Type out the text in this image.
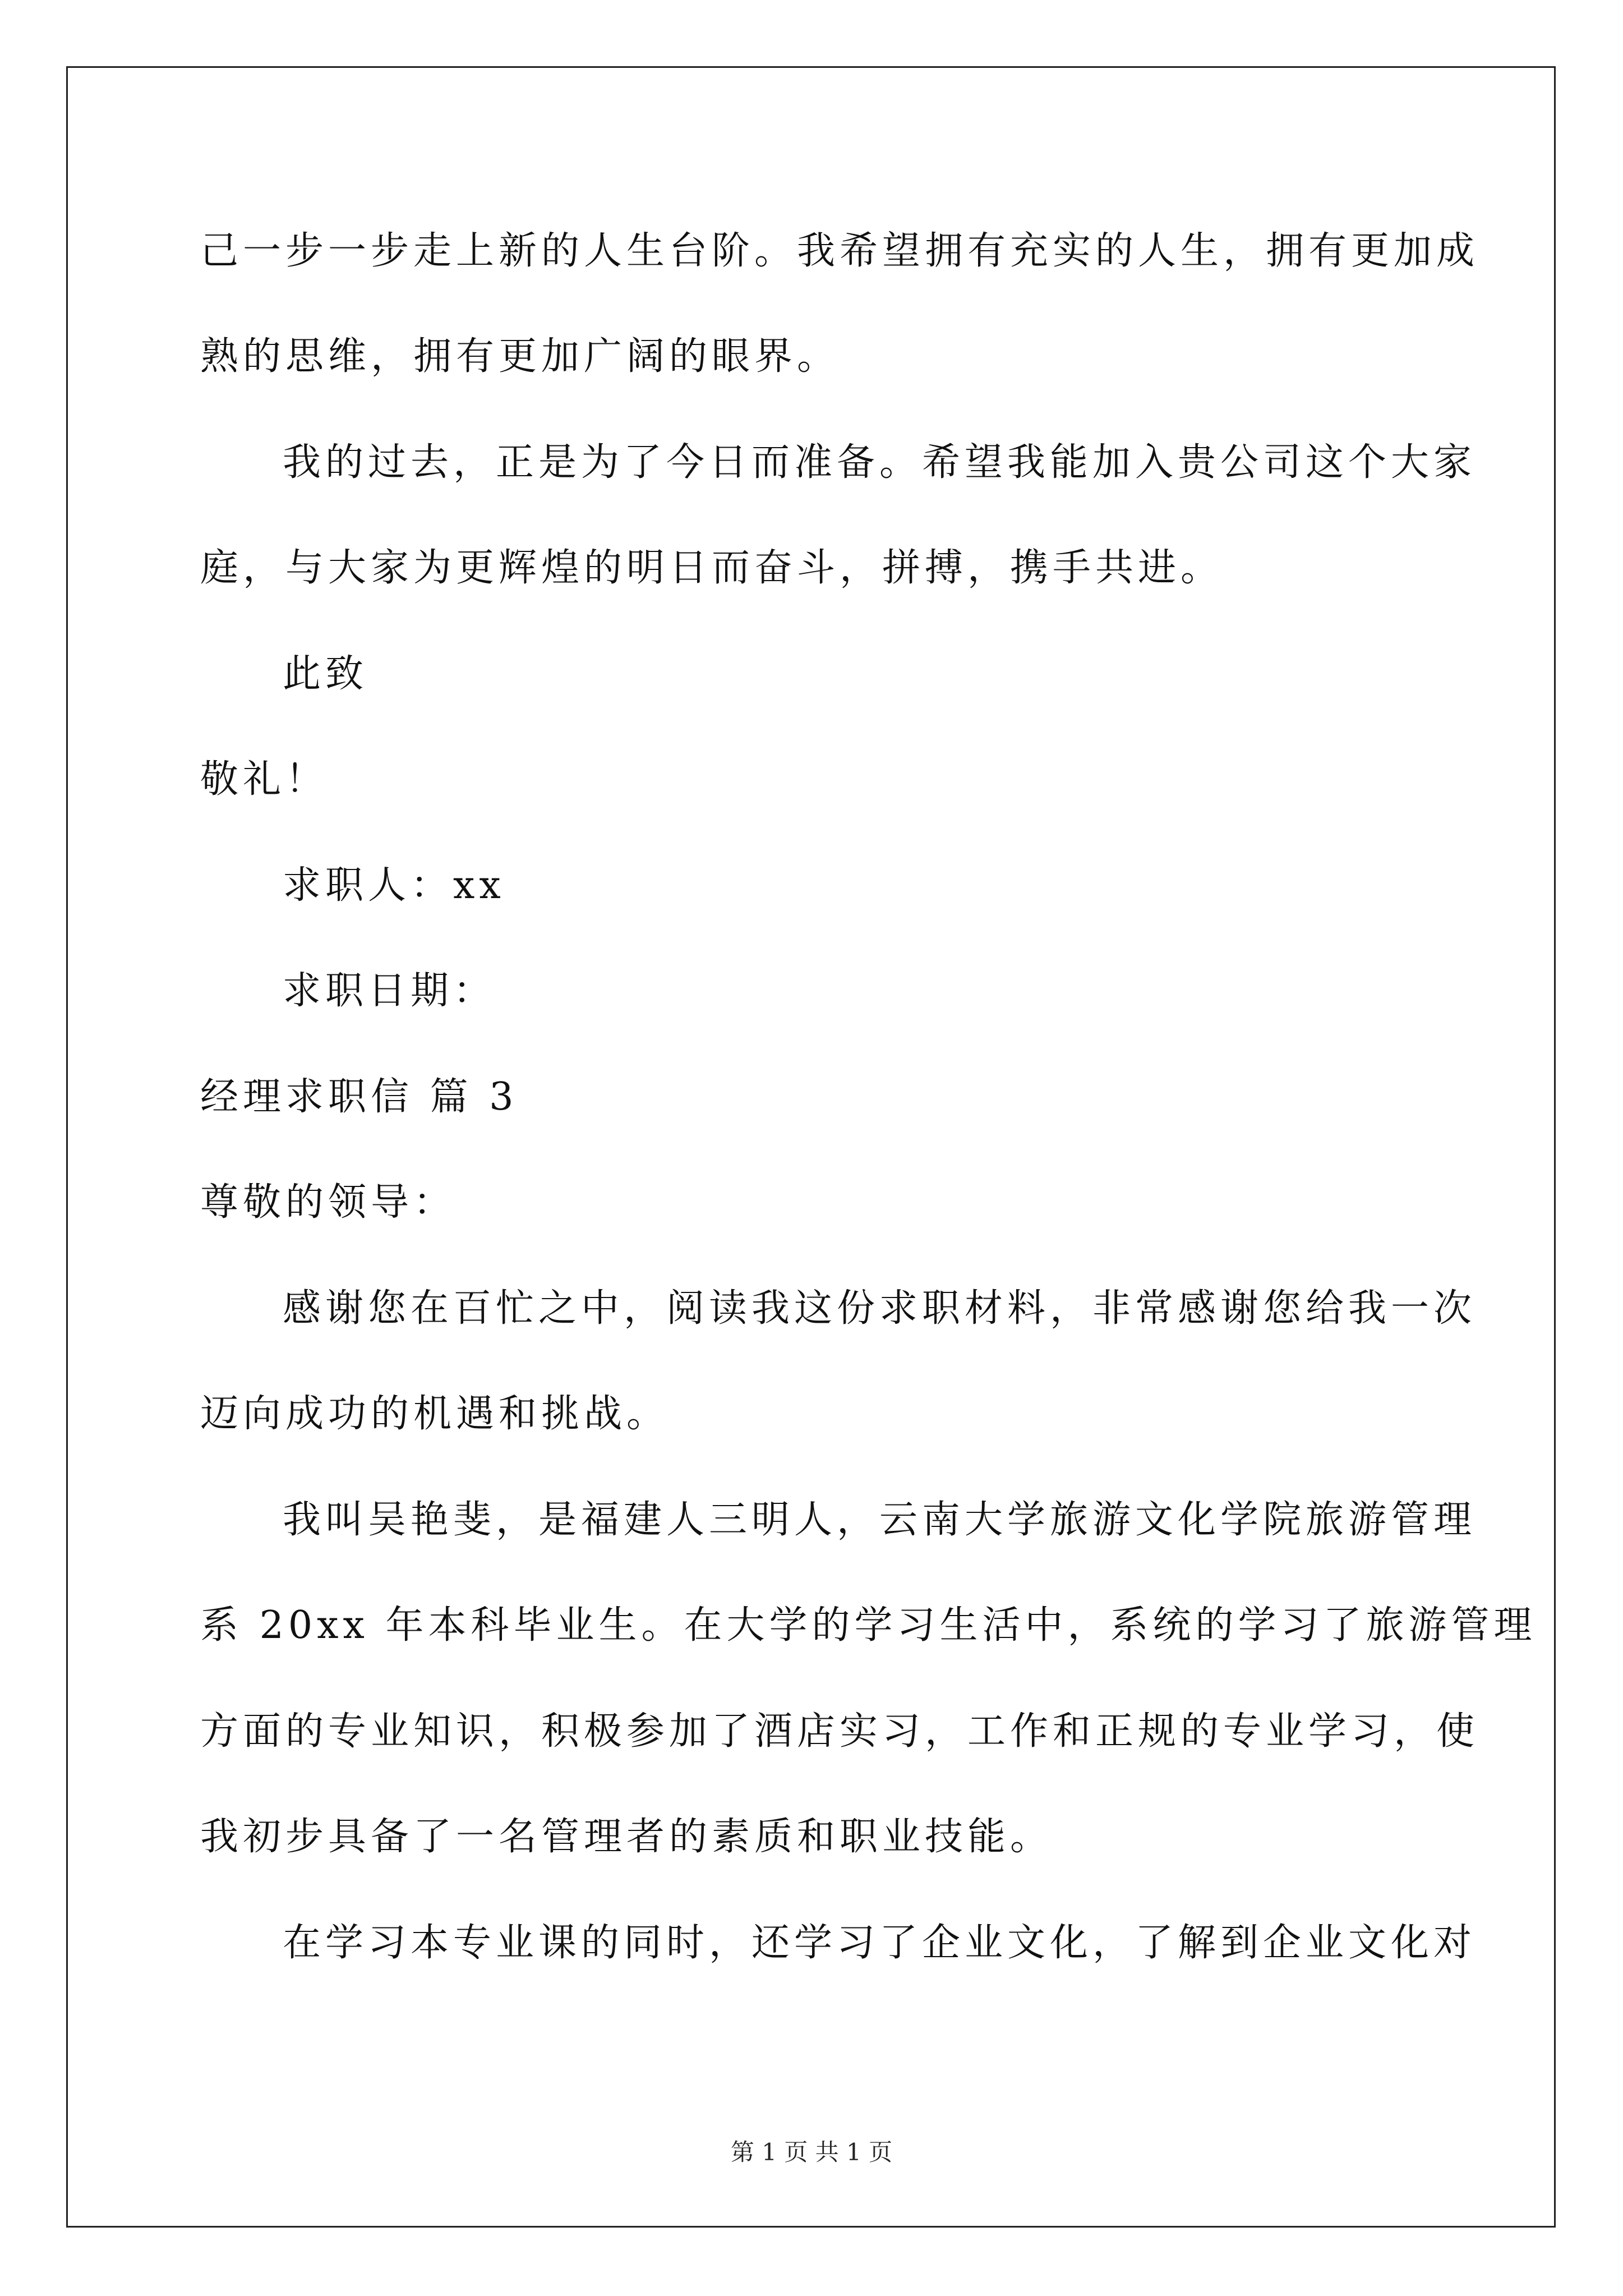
己一步一步走上新的人生台阶。我希望拥有充实的人生，拥有更加成
熟的思维，拥有更加广阔的眼界。
我的过去，正是为了今日而准备。希望我能加入贵公司这个大家
庭，与大家为更辉煌的明日而奋斗，拼搏，携手共进。
此致
敬礼！
求职人：xx
求职日期：
经理求职信 篇 3
尊敬的领导：
感谢您在百忙之中，阅读我这份求职材料，非常感谢您给我一次
迈向成功的机遇和挑战。
我叫吴艳斐，是福建人三明人，云南大学旅游文化学院旅游管理
系 20xx 年本科毕业生。在大学的学习生活中，系统的学习了旅游管理
方面的专业知识，积极参加了酒店实习，工作和正规的专业学习，使
我初步具备了一名管理者的素质和职业技能。
在学习本专业课的同时，还学习了企业文化，了解到企业文化对
第 1 页 共 1 页
